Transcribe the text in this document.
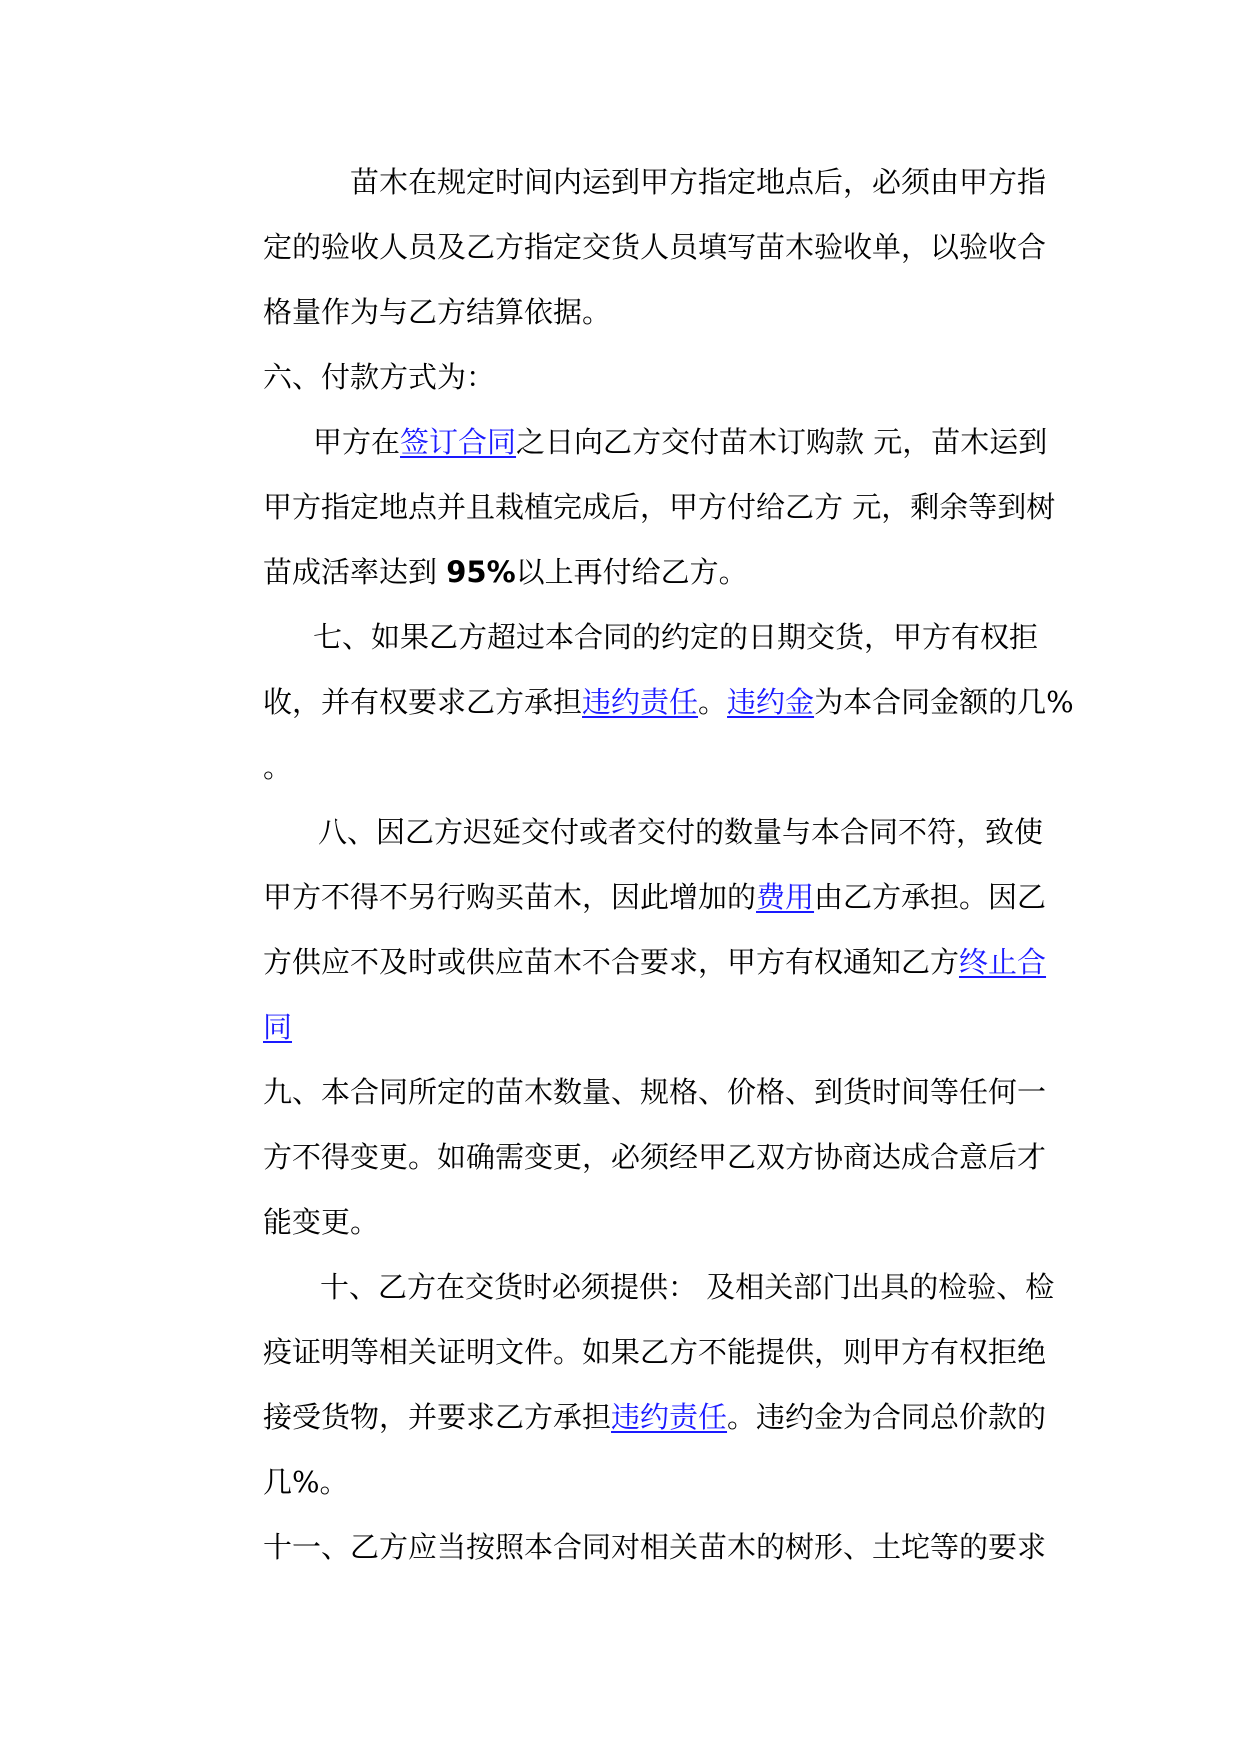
苗木在规定时间内运到甲方指定地点后，必须由甲方指
定的验收人员及乙方指定交货人员填写苗木验收单，以验收合
格量作为与乙方结算依据。
六、付款方式为：
甲方在签订合同之日向乙方交付苗木订购款 元，苗木运到
甲方指定地点并且栽植完成后，甲方付给乙方 元，剩余等到树
苗成活率达到 95%以上再付给乙方。
七、如果乙方超过本合同的约定的日期交货，甲方有权拒
收，并有权要求乙方承担违约责任。违约金为本合同金额的几%
。
八、因乙方迟延交付或者交付的数量与本合同不符，致使
甲方不得不另行购买苗木，因此增加的费用由乙方承担。因乙
方供应不及时或供应苗木不合要求，甲方有权通知乙方终止合
同
九、本合同所定的苗木数量、规格、价格、到货时间等任何一
方不得变更。如确需变更，必须经甲乙双方协商达成合意后才
能变更。
十、乙方在交货时必须提供： 及相关部门出具的检验、检
疫证明等相关证明文件。如果乙方不能提供，则甲方有权拒绝
接受货物，并要求乙方承担违约责任。违约金为合同总价款的
几%。
十一、乙方应当按照本合同对相关苗木的树形、土坨等的要求
